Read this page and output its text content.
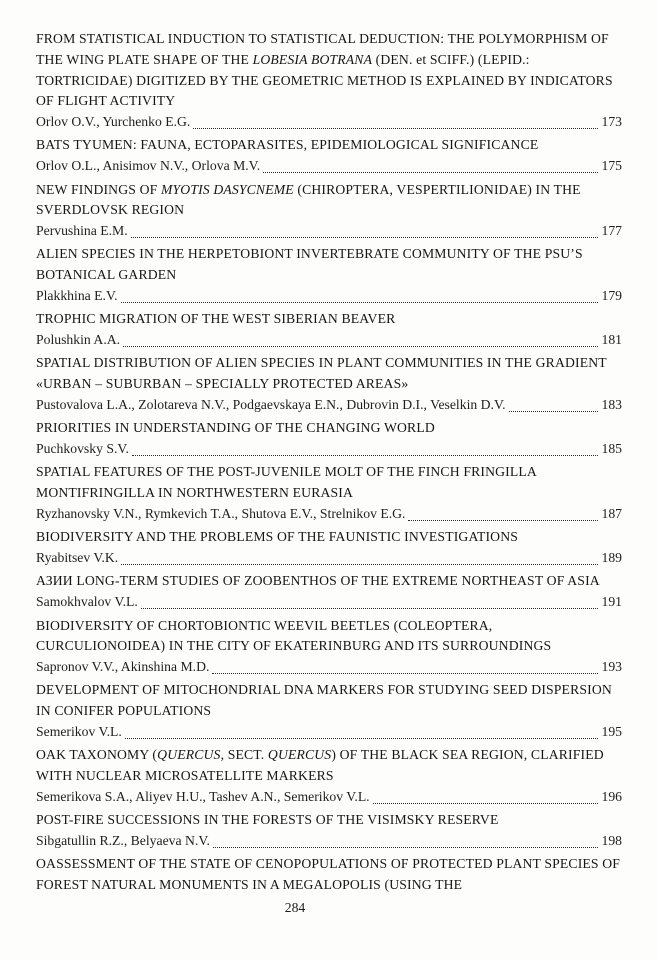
FROM STATISTICAL INDUCTION TO STATISTICAL DEDUCTION: THE POLYMORPHISM OF THE WING PLATE SHAPE OF THE LOBESIA BOTRANA (DEN. et SCIFF.) (LEPID.: TORTRICIDAE) DIGITIZED BY THE GEOMETRIC METHOD IS EXPLAINED BY INDICATORS OF FLIGHT ACTIVITY
Orlov O.V., Yurchenko E.G.	173
BATS TYUMEN: FAUNA, ECTOPARASITES, EPIDEMIOLOGICAL SIGNIFICANCE
Orlov O.L., Anisimov N.V., Orlova M.V.	175
NEW FINDINGS OF MYOTIS DASYCNEME (CHIROPTERA, VESPERTILIONIDAE) IN THE SVERDLOVSK REGION
Pervushina E.M.	177
ALIEN SPECIES IN THE HERPETOBIONT INVERTEBRATE COMMUNITY OF THE PSU’S BOTANICAL GARDEN
Plakkhina E.V.	179
TROPHIC MIGRATION OF THE WEST SIBERIAN BEAVER
Polushkin A.A.	181
SPATIAL DISTRIBUTION OF ALIEN SPECIES IN PLANT COMMUNITIES IN THE GRADIENT «URBAN – SUBURBAN – SPECIALLY PROTECTED AREAS»
Pustovalova L.A., Zolotareva N.V., Podgaevskaya E.N., Dubrovin D.I., Veselkin D.V.	183
PRIORITIES IN UNDERSTANDING OF THE CHANGING WORLD
Puchkovsky S.V.	185
SPATIAL FEATURES OF THE POST-JUVENILE MOLT OF THE FINCH FRINGILLA MONTIFRINGILLA IN NORTHWESTERN EURASIA
Ryzhanovsky V.N., Rymkevich T.A., Shutova E.V., Strelnikov E.G.	187
BIODIVERSITY AND THE PROBLEMS OF THE FAUNISTIC INVESTIGATIONS
Ryabitsev V.K.	189
АЗИИ LONG-TERM STUDIES OF ZOOBENTHOS OF THE EXTREME NORTHEAST OF ASIA
Samokhvalov V.L.	191
BIODIVERSITY OF CHORTOBIONTIC WEEVIL BEETLES (COLEOPTERA, CURCULIONOIDEA) IN THE CITY OF EKATERINBURG AND ITS SURROUNDINGS
Sapronov V.V., Akinshina M.D.	193
DEVELOPMENT OF MITOCHONDRIAL DNA MARKERS FOR STUDYING SEED DISPERSION IN CONIFER POPULATIONS
Semerikov V.L.	195
OAK TAXONOMY (QUERCUS, SECT. QUERCUS) OF THE BLACK SEA REGION, CLARIFIED WITH NUCLEAR MICROSATELLITE MARKERS
Semerikova S.A., Aliyev H.U., Tashev A.N., Semerikov V.L.	196
POST-FIRE SUCCESSIONS IN THE FORESTS OF THE VISIMSKY RESERVE
Sibgatullin R.Z., Belyaeva N.V.	198
OASSESSMENT OF THE STATE OF CENOPOPULATIONS OF PROTECTED PLANT SPECIES OF FOREST NATURAL MONUMENTS IN A MEGALOPOLIS (USING THE
284
